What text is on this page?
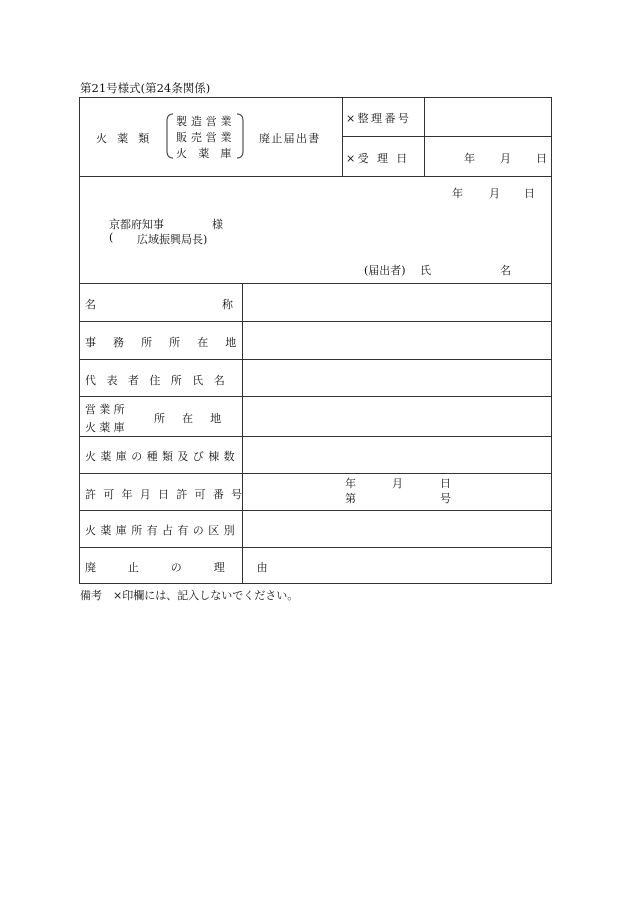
第21号様式(第24条関係)
火 薬 類
製造営業
販売営業
火 薬 庫
廃止届出書
×整理番号
×受 理 日	年 月 日
年 月 日
京都府知事	様
( 広域振興局長)
(届出者) 氏	名
名称
事務所所在地
代表者住所氏名
営業所
火薬庫
所在地
火薬庫の種類及び棟数
許可年月日許可番号
年	月	日
第	号
火薬庫所有占有の区別
廃止の理由
備考　×印欄には、記入しないでください。
